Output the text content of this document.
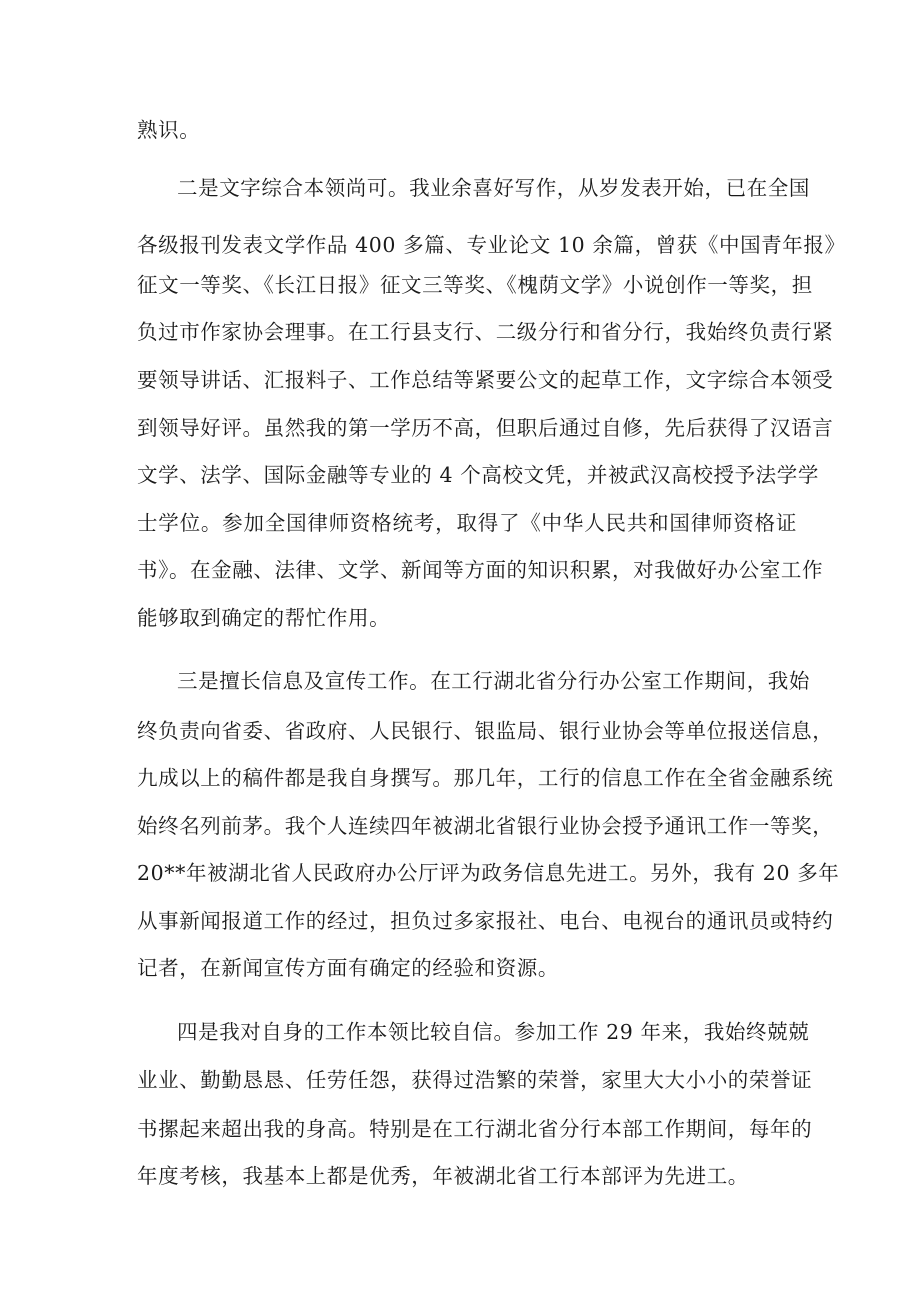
熟识。
二是文字综合本领尚可。我业余喜好写作，从岁发表开始，已在全国
各级报刊发表文学作品 400 多篇、专业论文 10 余篇，曾获《中国青年报》
征文一等奖、《长江日报》征文三等奖、《槐荫文学》小说创作一等奖，担
负过市作家协会理事。在工行县支行、二级分行和省分行，我始终负责行紧
要领导讲话、汇报料子、工作总结等紧要公文的起草工作，文字综合本领受
到领导好评。虽然我的第一学历不高，但职后通过自修，先后获得了汉语言
文学、法学、国际金融等专业的 4 个高校文凭，并被武汉高校授予法学学
士学位。参加全国律师资格统考，取得了《中华人民共和国律师资格证
书》。在金融、法律、文学、新闻等方面的知识积累，对我做好办公室工作
能够取到确定的帮忙作用。
三是擅长信息及宣传工作。在工行湖北省分行办公室工作期间，我始
终负责向省委、省政府、人民银行、银监局、银行业协会等单位报送信息，
九成以上的稿件都是我自身撰写。那几年，工行的信息工作在全省金融系统
始终名列前茅。我个人连续四年被湖北省银行业协会授予通讯工作一等奖，
20**年被湖北省人民政府办公厅评为政务信息先进工。另外，我有 20 多年
从事新闻报道工作的经过，担负过多家报社、电台、电视台的通讯员或特约
记者，在新闻宣传方面有确定的经验和资源。
四是我对自身的工作本领比较自信。参加工作 29 年来，我始终兢兢
业业、勤勤恳恳、任劳任怨，获得过浩繁的荣誉，家里大大小小的荣誉证
书摞起来超出我的身高。特别是在工行湖北省分行本部工作期间，每年的
年度考核，我基本上都是优秀，年被湖北省工行本部评为先进工。
